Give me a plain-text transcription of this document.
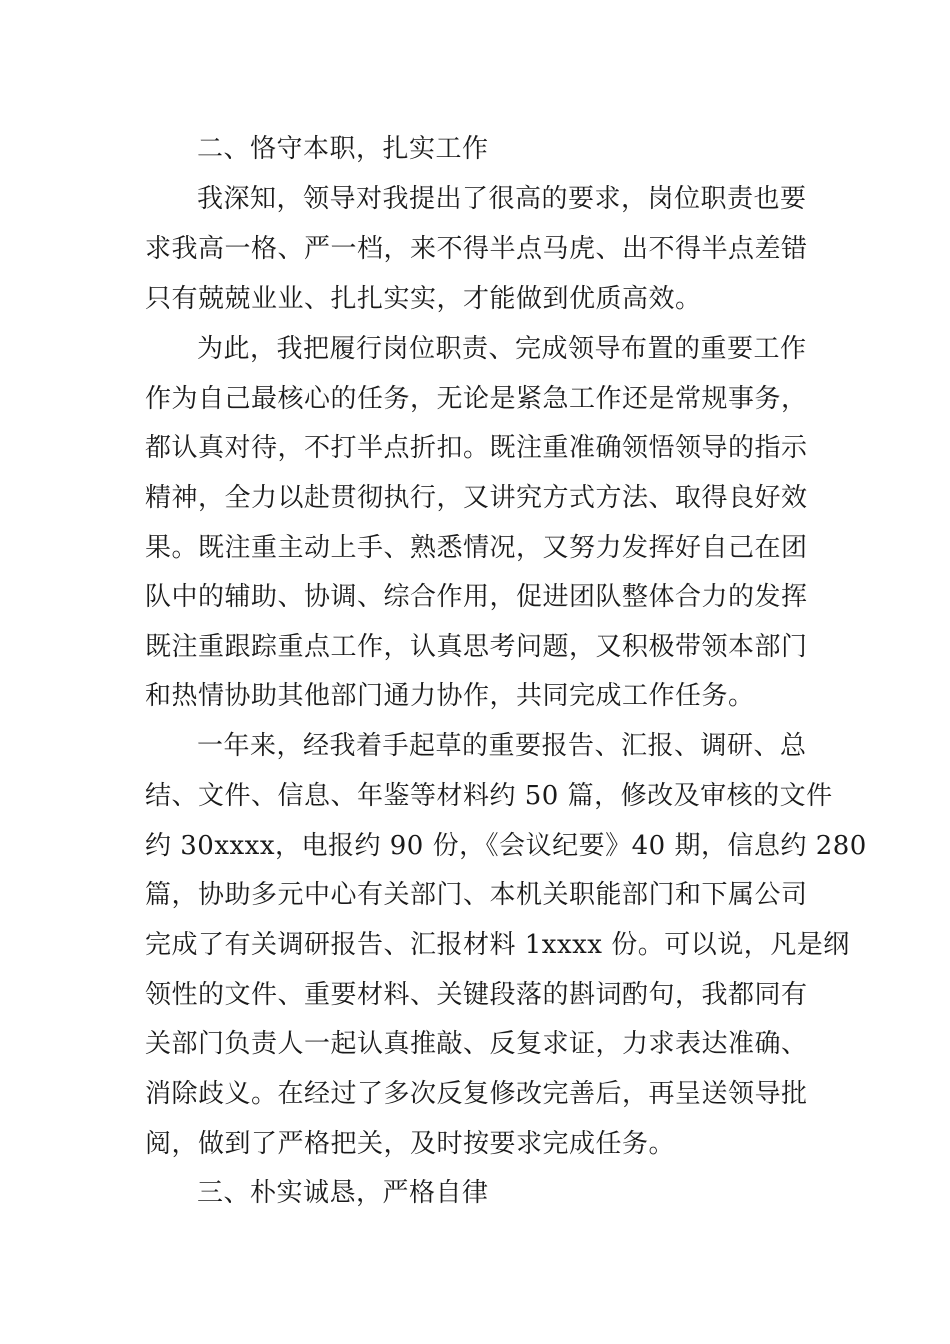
二、恪守本职，扎实工作
我深知，领导对我提出了很高的要求，岗位职责也要
求我高一格、严一档，来不得半点马虎、出不得半点差错
只有兢兢业业、扎扎实实，才能做到优质高效。
为此，我把履行岗位职责、完成领导布置的重要工作
作为自己最核心的任务，无论是紧急工作还是常规事务，
都认真对待，不打半点折扣。既注重准确领悟领导的指示
精神，全力以赴贯彻执行，又讲究方式方法、取得良好效
果。既注重主动上手、熟悉情况，又努力发挥好自己在团
队中的辅助、协调、综合作用，促进团队整体合力的发挥
既注重跟踪重点工作，认真思考问题，又积极带领本部门
和热情协助其他部门通力协作，共同完成工作任务。
一年来，经我着手起草的重要报告、汇报、调研、总
结、文件、信息、年鉴等材料约 50 篇，修改及审核的文件
约 30xxxx，电报约 90 份，《会议纪要》40 期，信息约 280
篇，协助多元中心有关部门、本机关职能部门和下属公司
完成了有关调研报告、汇报材料 1xxxx 份。可以说，凡是纲
领性的文件、重要材料、关键段落的斟词酌句，我都同有
关部门负责人一起认真推敲、反复求证，力求表达准确、
消除歧义。在经过了多次反复修改完善后，再呈送领导批
阅，做到了严格把关，及时按要求完成任务。
三、朴实诚恳，严格自律
